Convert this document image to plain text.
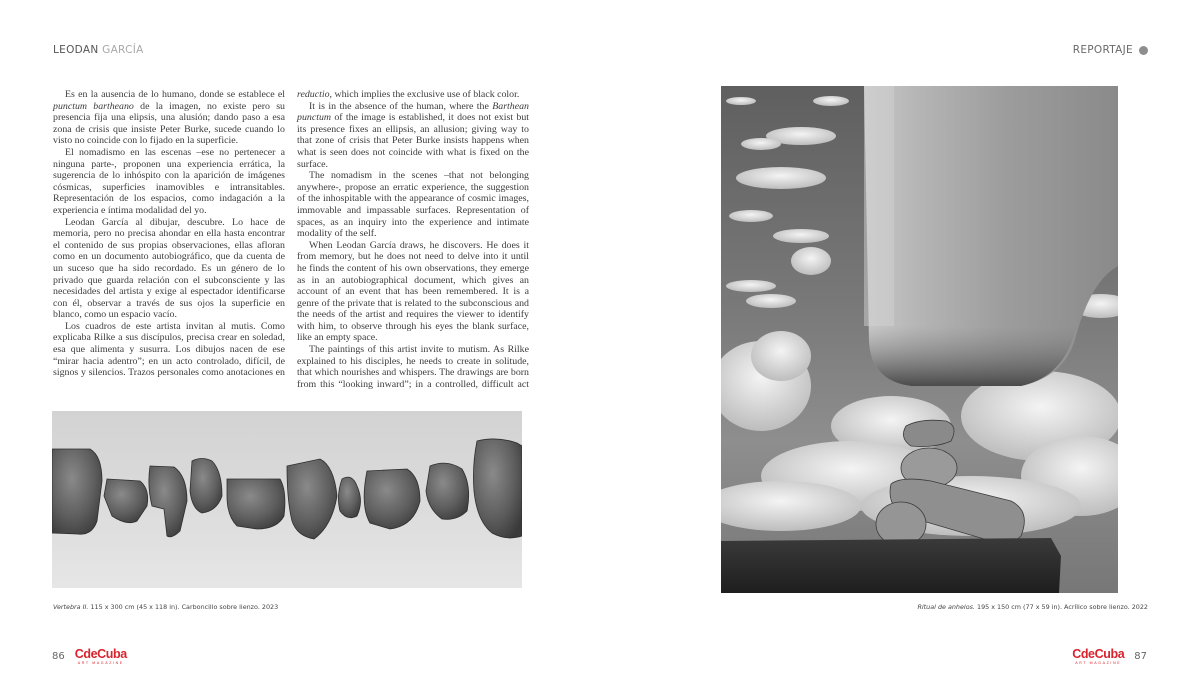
LEODAN GARCÍA	REPORTAJE

Es en la ausencia de lo humano, donde se establece el punctum bartheano de la imagen, no existe pero su presencia fija una elipsis, una alusión; dando paso a esa zona de crisis que insiste Peter Burke, sucede cuando lo visto no coincide con lo fijado en la superficie.

El nomadismo en las escenas –ese no pertenecer a ninguna parte-, proponen una experiencia errática, la sugerencia de lo inhóspito con la aparición de imágenes cósmicas, superficies inamovibles e intransitables. Representación de los espacios, como indagación a la experiencia e íntima modalidad del yo.

Leodan García al dibujar, descubre. Lo hace de memoria, pero no precisa ahondar en ella hasta encontrar el contenido de sus propias observaciones, ellas afloran como en un documento autobiográfico, que da cuenta de un suceso que ha sido recordado. Es un género de lo privado que guarda relación con el subconsciente y las necesidades del artista y exige al espectador identificarse con él, observar a través de sus ojos la superficie en blanco, como un espacio vacío.

Los cuadros de este artista invitan al mutis. Como explicaba Rilke a sus discípulos, precisa crear en soledad, esa que alimenta y susurra. Los dibujos nacen de ese “mirar hacia adentro”; en un acto controlado, difícil, de signos y silencios. Trazos personales como anotaciones en

reductio, which implies the exclusive use of black color.

It is in the absence of the human, where the Barthean punctum of the image is established, it does not exist but its presence fixes an ellipsis, an allusion; giving way to that zone of crisis that Peter Burke insists happens when what is seen does not coincide with what is fixed on the surface.

The nomadism in the scenes –that not belonging anywhere-, propose an erratic experience, the suggestion of the inhospitable with the appearance of cosmic images, immovable and impassable surfaces. Representation of spaces, as an inquiry into the experience and intimate modality of the self.

When Leodan García draws, he discovers. He does it from memory, but he does not need to delve into it until he finds the content of his own observations, they emerge as in an autobiographical document, which gives an account of an event that has been remembered. It is a genre of the private that is related to the subconscious and the needs of the artist and requires the viewer to identify with him, to observe through his eyes the blank surface, like an empty space.

The paintings of this artist invite to mutism. As Rilke explained to his disciples, he needs to create in solitude, that which nourishes and whispers. The drawings are born from this “looking inward”; in a controlled, difficult act

Vertebra II. 115 x 300 cm (45 x 118 in). Carboncillo sobre lienzo. 2023	Ritual de anhelos. 195 x 150 cm (77 x 59 in). Acrílico sobre lienzo. 2022
86 CdeCuba
ART MAGAZINE
CdeCuba
ART MAGAZINE
87
